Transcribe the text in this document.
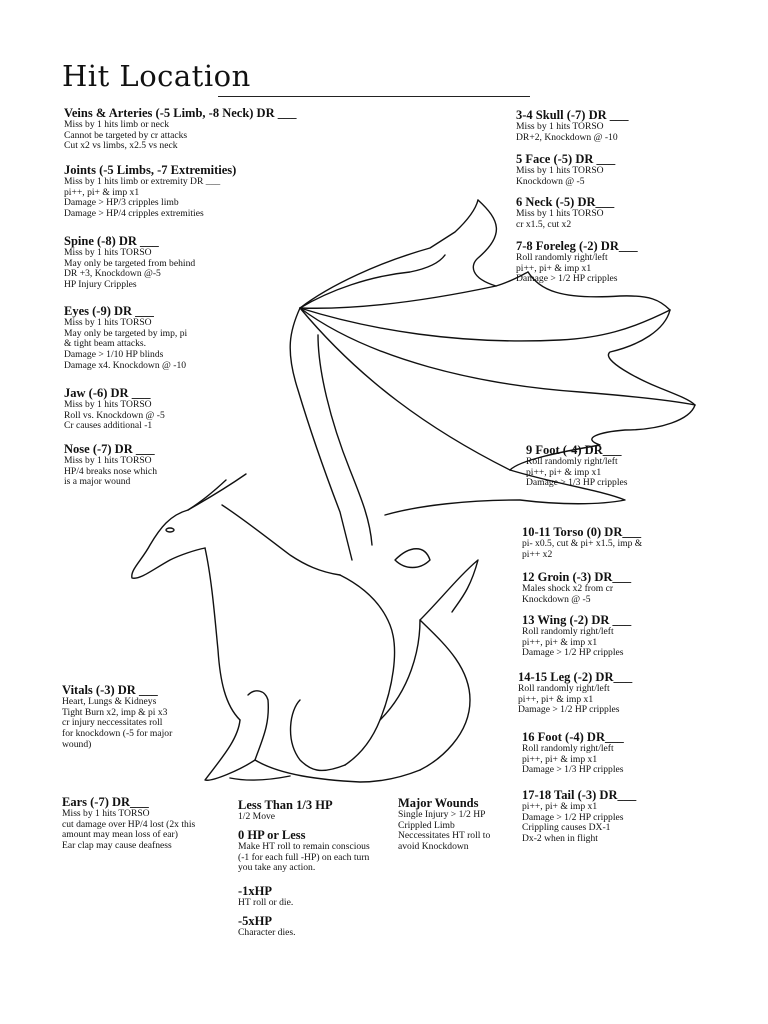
Hit Location
Veins & Arteries (-5 Limb, -8 Neck) DR ___
Miss by 1 hits limb or neck
Cannot be targeted by cr attacks
Cut x2 vs limbs, x2.5 vs neck
Joints (-5 Limbs, -7 Extremities)
Miss by 1 hits limb or extremity DR ___
pi++, pi+ & imp x1
Damage > HP/3 cripples limb
Damage > HP/4 cripples extremities
Spine (-8) DR ___
Miss by 1 hits TORSO
May only be targeted from behind
DR +3, Knockdown @-5
HP Injury Cripples
Eyes (-9) DR ___
Miss by 1 hits TORSO
May only be targeted by imp, pi
& tight beam attacks.
Damage > 1/10 HP blinds
Damage x4. Knockdown @ -10
Jaw (-6) DR ___
Miss by 1 hits TORSO
Roll vs. Knockdown @ -5
Cr causes additional -1
Nose (-7) DR ___
Miss by 1 hits TORSO
HP/4 breaks nose which
is a major wound
Vitals (-3) DR ___
Heart, Lungs & Kidneys
Tight Burn x2, imp & pi x3
cr injury neccessitates roll
for knockdown (-5 for major
wound)
Ears (-7) DR___
Miss by 1 hits TORSO
cut damage over HP/4 lost (2x this
amount may mean loss of ear)
Ear clap may cause deafness
3-4 Skull (-7) DR ___
Miss by 1 hits TORSO
DR+2, Knockdown @ -10
5 Face (-5) DR ___
Miss by 1 hits TORSO
Knockdown @ -5
6 Neck (-5) DR___
Miss by 1 hits TORSO
cr x1.5, cut x2
7-8 Foreleg (-2) DR___
Roll randomly right/left
pi++, pi+ & imp x1
Damage > 1/2 HP cripples
9 Foot (-4) DR___
Roll randomly right/left
pi++, pi+ & imp x1
Damage > 1/3 HP cripples
10-11 Torso (0) DR___
pi- x0.5, cut & pi+ x1.5, imp &
pi++ x2
12 Groin (-3) DR___
Males shock x2 from cr
Knockdown @ -5
13 Wing (-2) DR ___
Roll randomly right/left
pi++, pi+ & imp x1
Damage > 1/2 HP cripples
14-15 Leg (-2) DR___
Roll randomly right/left
pi++, pi+ & imp x1
Damage > 1/2 HP cripples
16 Foot (-4) DR___
Roll randomly right/left
pi++, pi+ & imp x1
Damage > 1/3 HP cripples
17-18 Tail (-3) DR___
pi++, pi+ & imp x1
Damage > 1/2 HP cripples
Crippling causes DX-1
Dx-2 when in flight
Less Than 1/3 HP
1/2 Move
0 HP or Less
Make HT roll to remain conscious
(-1 for each full -HP) on each turn
you take any action.
-1xHP
HT roll or die.
-5xHP
Character dies.
Major Wounds
Single Injury > 1/2 HP
Crippled Limb
Neccessitates HT roll to
avoid Knockdown
